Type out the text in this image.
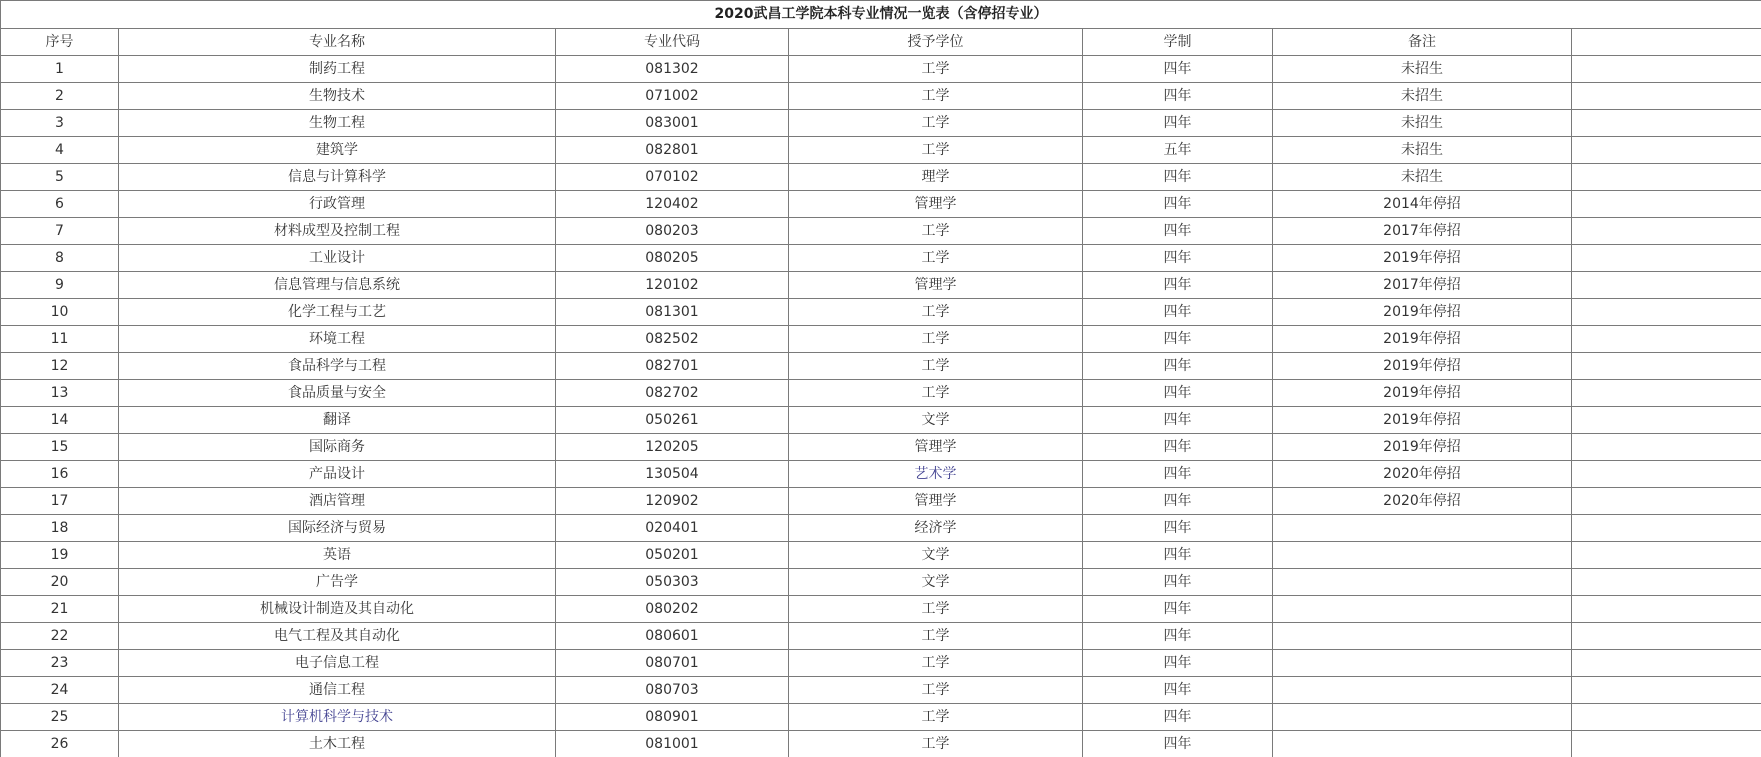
2020武昌工学院本科专业情况一览表（含停招专业）						
序号	专业名称	专业代码	授予学位	学制	备注	
1	制药工程	081302	工学	四年	未招生	
2	生物技术	071002	工学	四年	未招生	
3	生物工程	083001	工学	四年	未招生	
4	建筑学	082801	工学	五年	未招生	
5	信息与计算科学	070102	理学	四年	未招生	
6	行政管理	120402	管理学	四年	2014年停招	
7	材料成型及控制工程	080203	工学	四年	2017年停招	
8	工业设计	080205	工学	四年	2019年停招	
9	信息管理与信息系统	120102	管理学	四年	2017年停招	
10	化学工程与工艺	081301	工学	四年	2019年停招	
11	环境工程	082502	工学	四年	2019年停招	
12	食品科学与工程	082701	工学	四年	2019年停招	
13	食品质量与安全	082702	工学	四年	2019年停招	
14	翻译	050261	文学	四年	2019年停招	
15	国际商务	120205	管理学	四年	2019年停招	
16	产品设计	130504	艺术学	四年	2020年停招	
17	酒店管理	120902	管理学	四年	2020年停招	
18	国际经济与贸易	020401	经济学	四年		
19	英语	050201	文学	四年		
20	广告学	050303	文学	四年		
21	机械设计制造及其自动化	080202	工学	四年		
22	电气工程及其自动化	080601	工学	四年		
23	电子信息工程	080701	工学	四年		
24	通信工程	080703	工学	四年		
25	计算机科学与技术	080901	工学	四年		
26	土木工程	081001	工学	四年		
